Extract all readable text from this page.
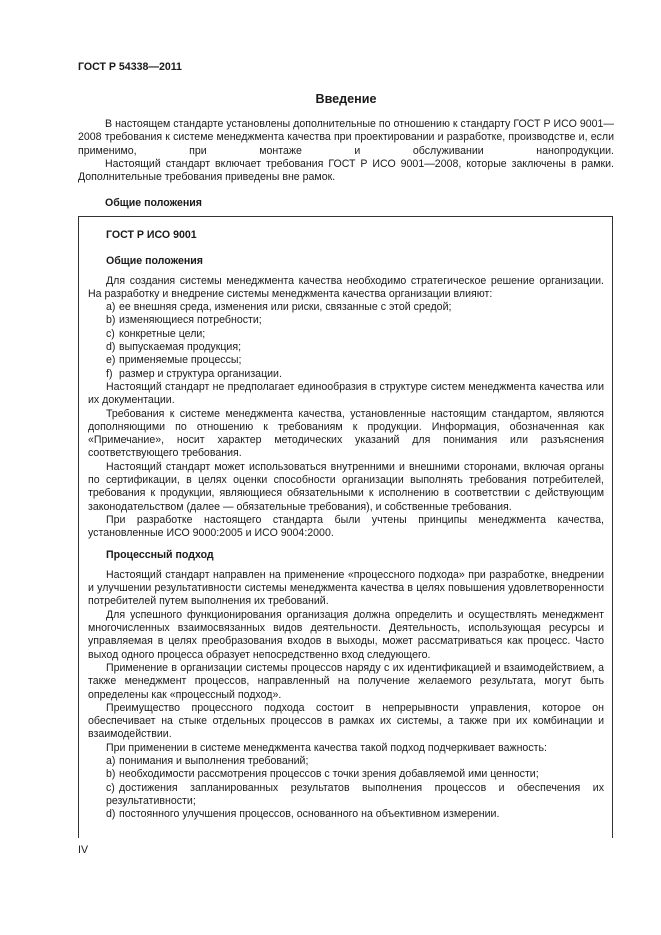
ГОСТ Р 54338—2011
Введение

В настоящем стандарте установлены дополнительные по отношению к стандарту ГОСТ Р ИСО 9001—2008 требования к системе менеджмента качества при проектировании и разработке, производстве и, если применимо, при монтаже и обслуживании нанопродукции.

Настоящий стандарт включает требования ГОСТ Р ИСО 9001—2008, которые заключены в рамки. Дополнительные требования приведены вне рамок.

Общие положения
ГОСТ Р ИСО 9001
Общие положения

Для создания системы менеджмента качества необходимо стратегическое решение организации. На разработку и внедрение системы менеджмента качества организации влияют:

а) ее внешняя среда, изменения или риски, связанные с этой средой;

b) изменяющиеся потребности;

с) конкретные цели;

d) выпускаемая продукция;

е) применяемые процессы;

f) размер и структура организации.

Настоящий стандарт не предполагает единообразия в структуре систем менеджмента качества или их документации.

Требования к системе менеджмента качества, установленные настоящим стандартом, являются дополняющими по отношению к требованиям к продукции. Информация, обозначенная как «Примечание», носит характер методических указаний для понимания или разъяснения соответствующего требования.

Настоящий стандарт может использоваться внутренними и внешними сторонами, включая органы по сертификации, в целях оценки способности организации выполнять требования потребителей, требования к продукции, являющиеся обязательными к исполнению в соответствии с действующим законодательством (далее — обязательные требования), и собственные требования.

При разработке настоящего стандарта были учтены принципы менеджмента качества, установленные ИСО 9000:2005 и ИСО 9004:2000.

Процессный подход

Настоящий стандарт направлен на применение «процессного подхода» при разработке, внедрении и улучшении результативности системы менеджмента качества в целях повышения удовлетворенности потребителей путем выполнения их требований.

Для успешного функционирования организация должна определить и осуществлять менеджмент многочисленных взаимосвязанных видов деятельности. Деятельность, использующая ресурсы и управляемая в целях преобразования входов в выходы, может рассматриваться как процесс. Часто выход одного процесса образует непосредственно вход следующего.

Применение в организации системы процессов наряду с их идентификацией и взаимодействием, а также менеджмент процессов, направленный на получение желаемого результата, могут быть определены как «процессный подход».

Преимущество процессного подхода состоит в непрерывности управления, которое он обеспечивает на стыке отдельных процессов в рамках их системы, а также при их комбинации и взаимодействии.

При применении в системе менеджмента качества такой подход подчеркивает важность:

а) понимания и выполнения требований;

b) необходимости рассмотрения процессов с точки зрения добавляемой ими ценности;

с) достижения запланированных результатов выполнения процессов и обеспечения их результативности;

d) постоянного улучшения процессов, основанного на объективном измерении.

IV
